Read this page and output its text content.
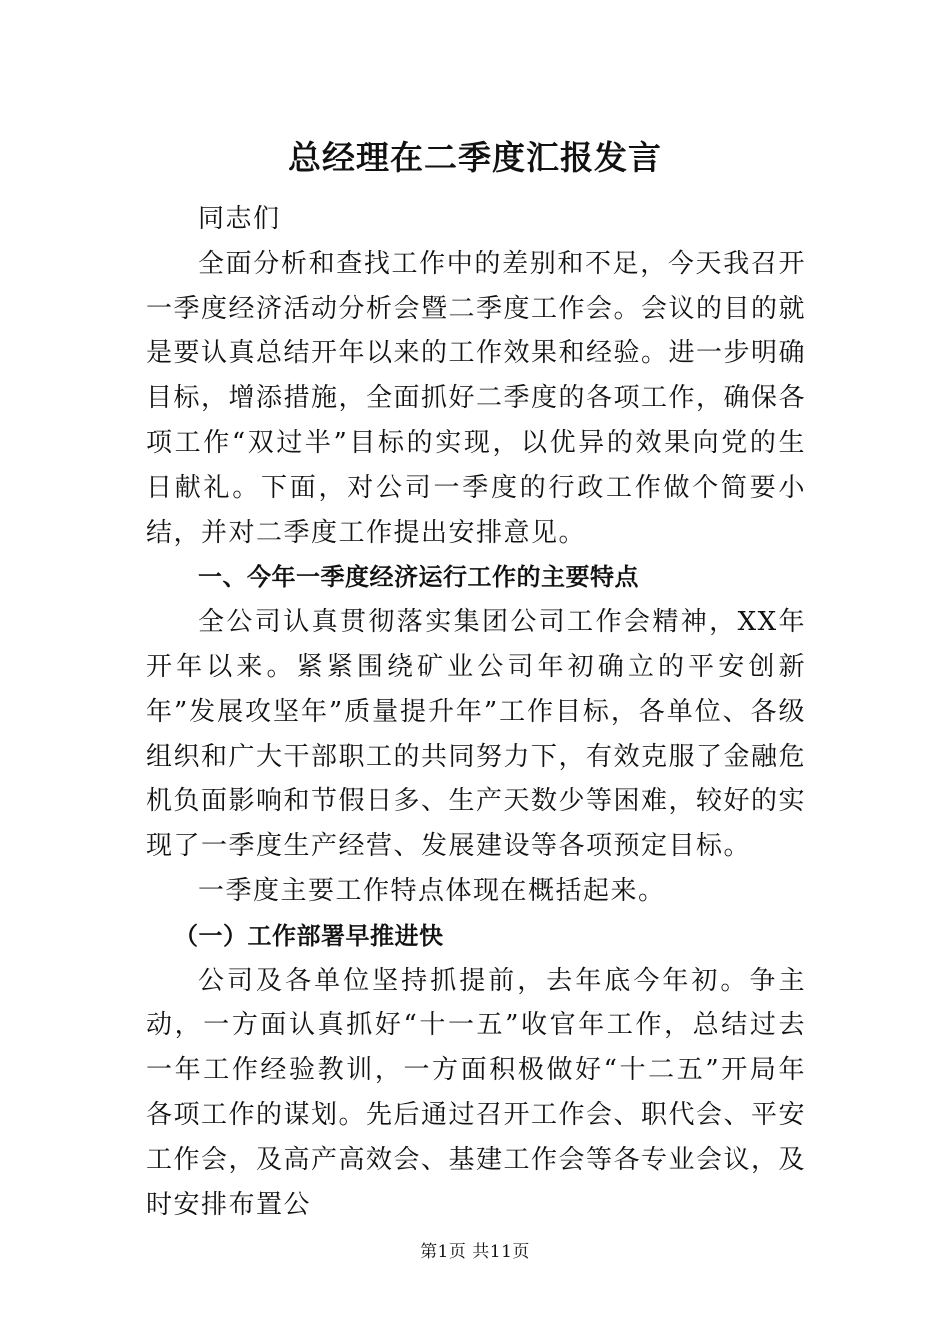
总经理在二季度汇报发言

同志们

全面分析和查找工作中的差别和不足，今天我召开一季度经济活动分析会暨二季度工作会。会议的目的就是要认真总结开年以来的工作效果和经验。进一步明确目标，增添措施，全面抓好二季度的各项工作，确保各项工作“双过半”目标的实现，以优异的效果向党的生日献礼。下面，对公司一季度的行政工作做个简要小结，并对二季度工作提出安排意见。

一、今年一季度经济运行工作的主要特点

全公司认真贯彻落实集团公司工作会精神，XX年开年以来。紧紧围绕矿业公司年初确立的平安创新年”发展攻坚年”质量提升年”工作目标，各单位、各级组织和广大干部职工的共同努力下，有效克服了金融危机负面影响和节假日多、生产天数少等困难，较好的实现了一季度生产经营、发展建设等各项预定目标。

一季度主要工作特点体现在概括起来。

（一）工作部署早推进快

公司及各单位坚持抓提前，去年底今年初。争主动，一方面认真抓好“十一五”收官年工作，总结过去一年工作经验教训，一方面积极做好“十二五”开局年各项工作的谋划。先后通过召开工作会、职代会、平安工作会，及高产高效会、基建工作会等各专业会议，及时安排布置公

第1页 共11页
